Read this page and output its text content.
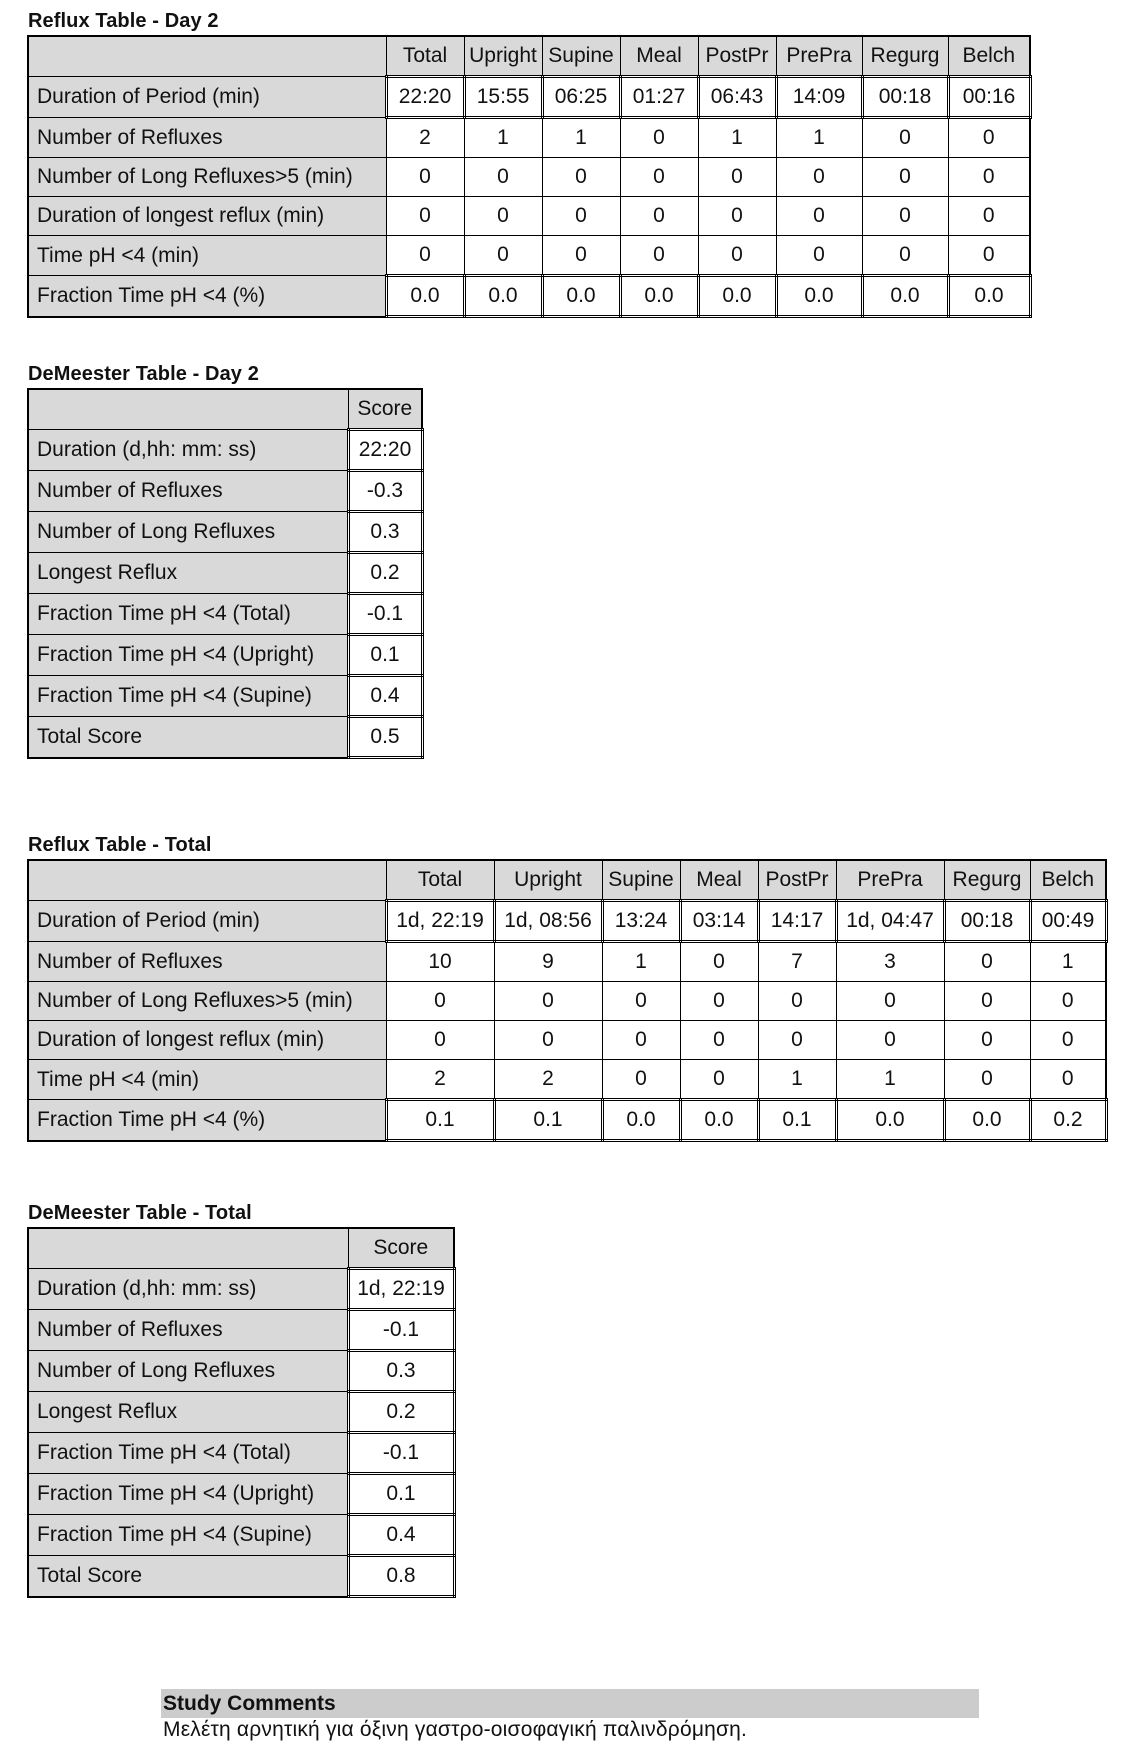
Reflux Table - Day 2
	Total	Upright	Supine	Meal	PostPr	PrePra	Regurg	Belch
Duration of Period (min)	22:20	15:55	06:25	01:27	06:43	14:09	00:18	00:16
Number of Refluxes	2	1	1	0	1	1	0	0
Number of Long Refluxes>5 (min)	0	0	0	0	0	0	0	0
Duration of longest reflux (min)	0	0	0	0	0	0	0	0
Time pH <4 (min)	0	0	0	0	0	0	0	0
Fraction Time pH <4 (%)	0.0	0.0	0.0	0.0	0.0	0.0	0.0	0.0
DeMeester Table - Day 2
	Score
Duration (d,hh: mm: ss)	22:20
Number of Refluxes	-0.3
Number of Long Refluxes	0.3
Longest Reflux	0.2
Fraction Time pH <4 (Total)	-0.1
Fraction Time pH <4 (Upright)	0.1
Fraction Time pH <4 (Supine)	0.4
Total Score	0.5
Reflux Table - Total
	Total	Upright	Supine	Meal	PostPr	PrePra	Regurg	Belch
Duration of Period (min)	1d, 22:19	1d, 08:56	13:24	03:14	14:17	1d, 04:47	00:18	00:49
Number of Refluxes	10	9	1	0	7	3	0	1
Number of Long Refluxes>5 (min)	0	0	0	0	0	0	0	0
Duration of longest reflux (min)	0	0	0	0	0	0	0	0
Time pH <4 (min)	2	2	0	0	1	1	0	0
Fraction Time pH <4 (%)	0.1	0.1	0.0	0.0	0.1	0.0	0.0	0.2
DeMeester Table - Total
	Score
Duration (d,hh: mm: ss)	1d, 22:19
Number of Refluxes	-0.1
Number of Long Refluxes	0.3
Longest Reflux	0.2
Fraction Time pH <4 (Total)	-0.1
Fraction Time pH <4 (Upright)	0.1
Fraction Time pH <4 (Supine)	0.4
Total Score	0.8
Study Comments
Μελέτη αρνητική για όξινη γαστρο-οισοφαγική παλινδρόμηση.
